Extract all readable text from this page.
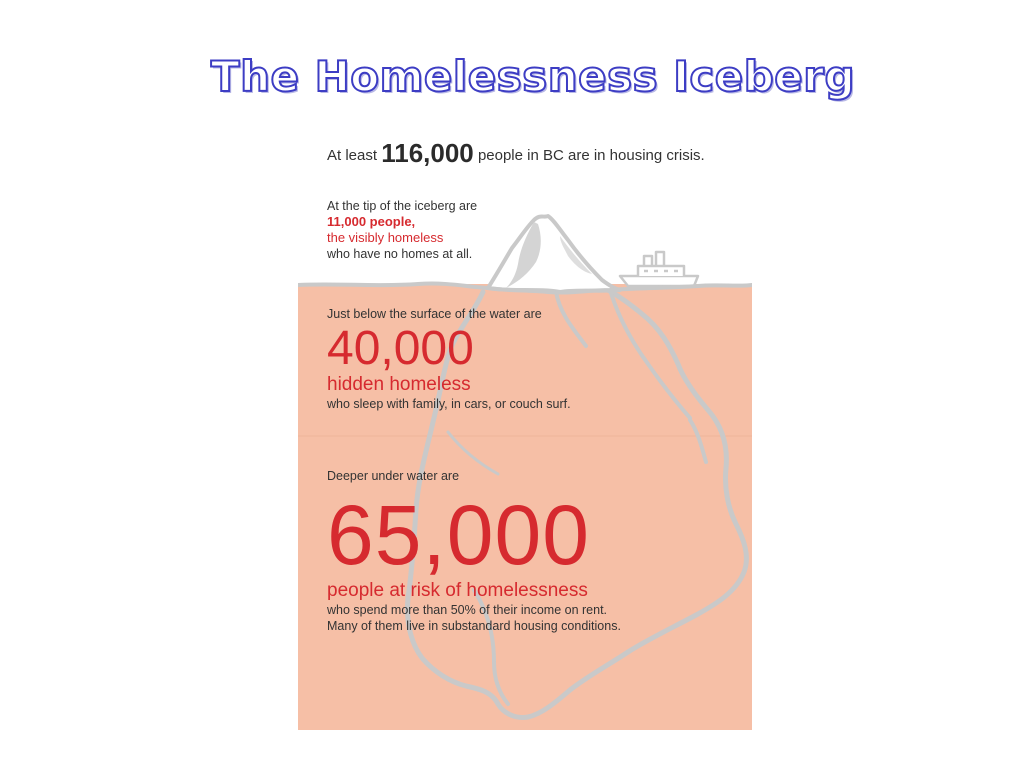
The Homelessness Iceberg
At least 116,000 people in BC are in housing crisis.
At the tip of the iceberg are
11,000 people,
the visibly homeless
who have no homes at all.
Just below the surface of the water are
40,000
hidden homeless
who sleep with family, in cars, or couch surf.
Deeper under water are
65,000
people at risk of homelessness
who spend more than 50% of their income on rent.
Many of them live in substandard housing conditions.
